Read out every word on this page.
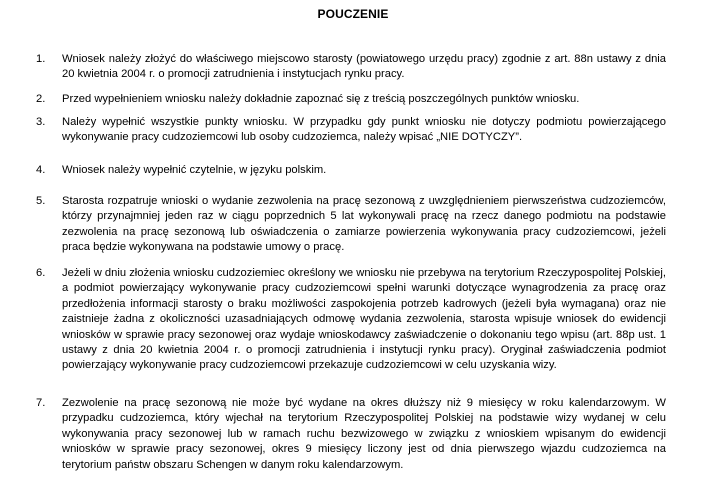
POUCZENIE
1.	Wniosek należy złożyć do właściwego miejscowo starosty (powiatowego urzędu pracy) zgodnie z art. 88n ustawy z dnia 20 kwietnia 2004 r. o promocji zatrudnienia i instytucjach rynku pracy.
2.	Przed wypełnieniem wniosku należy dokładnie zapoznać się z treścią poszczególnych punktów wniosku.
3.	Należy wypełnić wszystkie punkty wniosku. W przypadku gdy punkt wniosku nie dotyczy podmiotu powierzającego wykonywanie pracy cudzoziemcowi lub osoby cudzoziemca, należy wpisać „NIE DOTYCZY”.
4.	Wniosek należy wypełnić czytelnie, w języku polskim.
5.	Starosta rozpatruje wnioski o wydanie zezwolenia na pracę sezonową z uwzględnieniem pierwszeństwa cudzoziemców, którzy przynajmniej jeden raz w ciągu poprzednich 5 lat wykonywali pracę na rzecz danego podmiotu na podstawie zezwolenia na pracę sezonową lub oświadczenia o zamiarze powierzenia wykonywania pracy cudzoziemcowi, jeżeli praca będzie wykonywana na podstawie umowy o pracę.
6.	Jeżeli w dniu złożenia wniosku cudzoziemiec określony we wniosku nie przebywa na terytorium Rzeczypospolitej Polskiej, a podmiot powierzający wykonywanie pracy cudzoziemcowi spełni warunki dotyczące wynagrodzenia za pracę oraz przedłożenia informacji starosty o braku możliwości zaspokojenia potrzeb kadrowych (jeżeli była wymagana) oraz nie zaistnieje żadna z okoliczności uzasadniających odmowę wydania zezwolenia, starosta wpisuje wniosek do ewidencji wniosków w sprawie pracy sezonowej oraz wydaje wnioskodawcy zaświadczenie o dokonaniu tego wpisu (art. 88p ust. 1 ustawy z dnia 20 kwietnia 2004 r. o promocji zatrudnienia i instytucji rynku pracy). Oryginał zaświadczenia podmiot powierzający wykonywanie pracy cudzoziemcowi przekazuje cudzoziemcowi w celu uzyskania wizy.
7.	Zezwolenie na pracę sezonową nie może być wydane na okres dłuższy niż 9 miesięcy w roku kalendarzowym. W przypadku cudzoziemca, który wjechał na terytorium Rzeczypospolitej Polskiej na podstawie wizy wydanej w celu wykonywania pracy sezonowej lub w ramach ruchu bezwizowego w związku z wnioskiem wpisanym do ewidencji wniosków w sprawie pracy sezonowej, okres 9 miesięcy liczony jest od dnia pierwszego wjazdu cudzoziemca na terytorium państw obszaru Schengen w danym roku kalendarzowym.
